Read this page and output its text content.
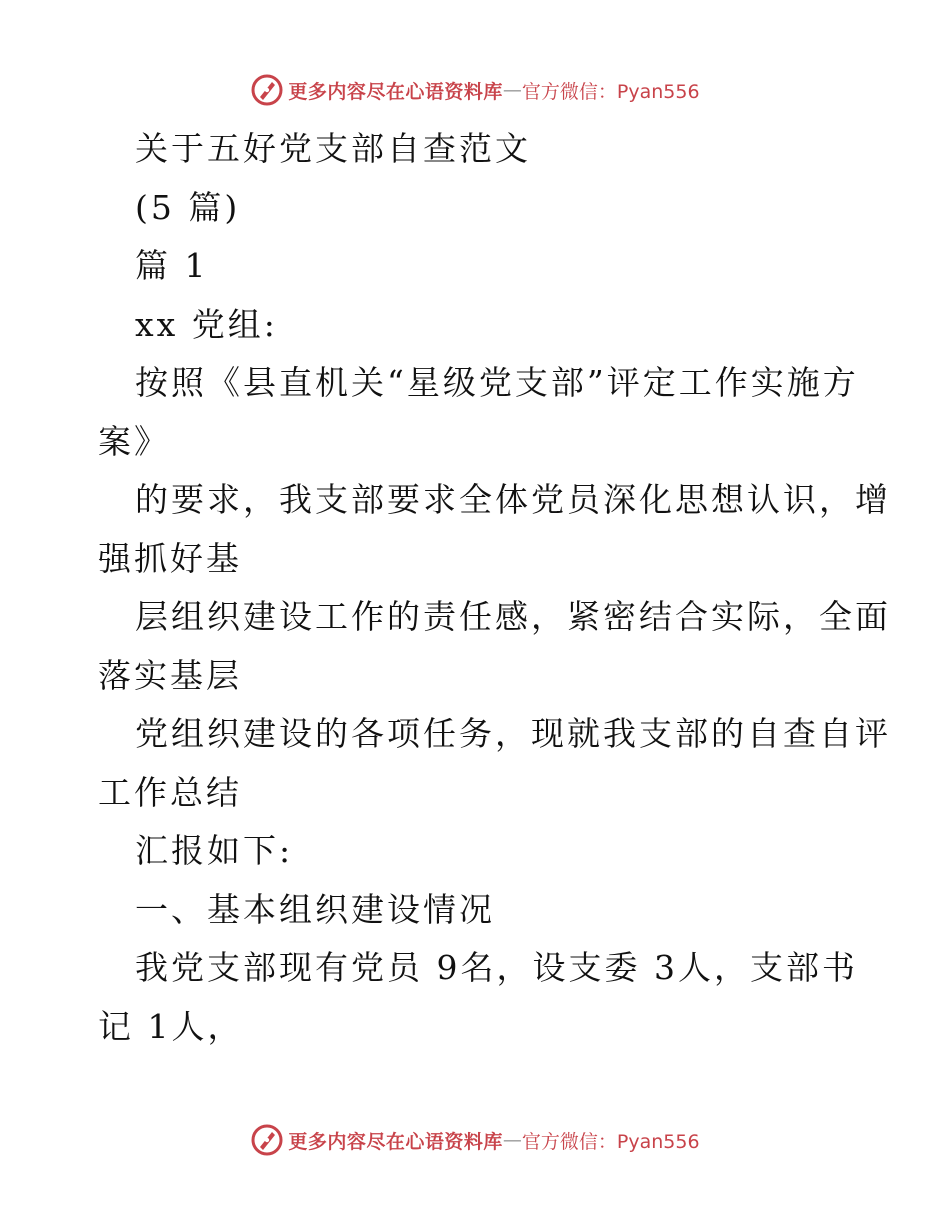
更多内容尽在心语资料库 — 官方微信：Pyan556

关于五好党支部自查范文

(5 篇)

篇 1

xx 党组:

按照《县直机关“星级党支部”评定工作实施方

案》

的要求，我支部要求全体党员深化思想认识，增

强抓好基

层组织建设工作的责任感，紧密结合实际，全面

落实基层

党组织建设的各项任务，现就我支部的自查自评

工作总结

汇报如下:

一、基本组织建设情况

我党支部现有党员 9名，设支委 3人，支部书

记 1人，

更多内容尽在心语资料库 — 官方微信：Pyan556
